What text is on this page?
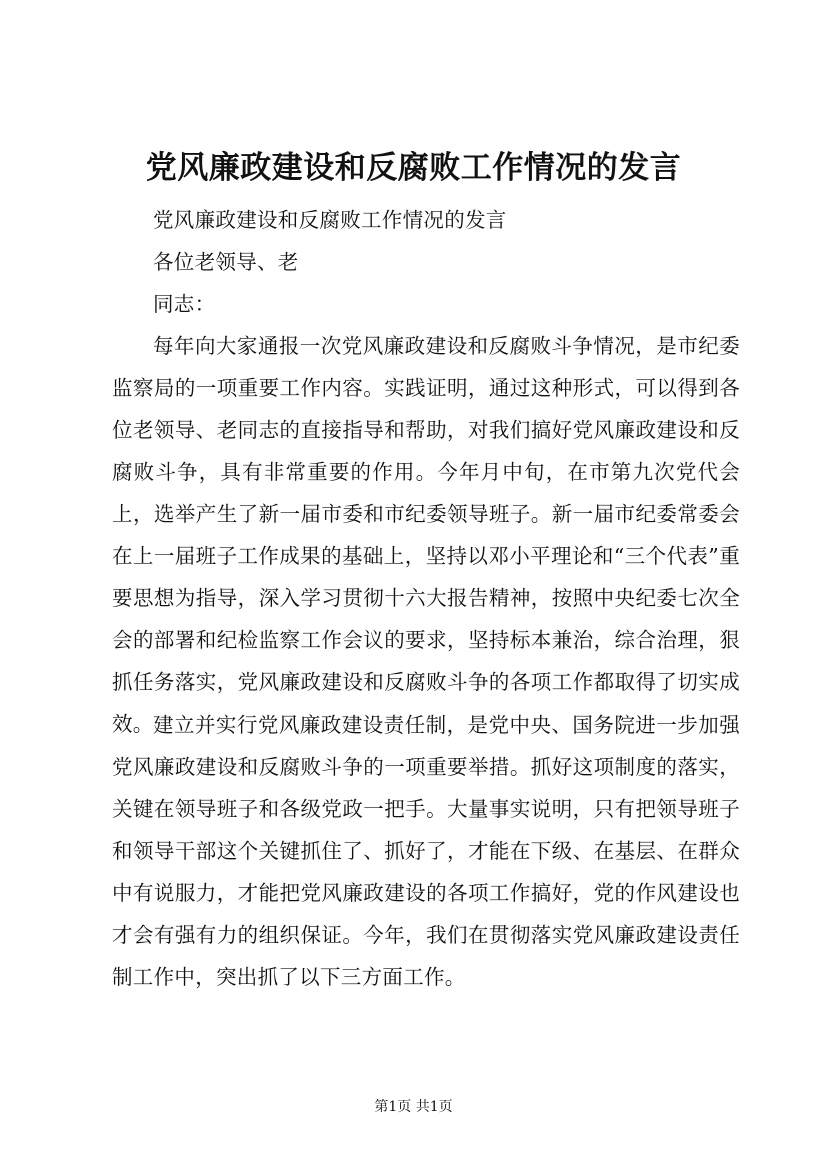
党风廉政建设和反腐败工作情况的发言
党风廉政建设和反腐败工作情况的发言
各位老领导、老
同志：
每年向大家通报一次党风廉政建设和反腐败斗争情况，是市纪委监察局的一项重要工作内容。实践证明，通过这种形式，可以得到各位老领导、老同志的直接指导和帮助，对我们搞好党风廉政建设和反腐败斗争，具有非常重要的作用。今年月中旬，在市第九次党代会上，选举产生了新一届市委和市纪委领导班子。新一届市纪委常委会在上一届班子工作成果的基础上，坚持以邓小平理论和“三个代表”重要思想为指导，深入学习贯彻十六大报告精神，按照中央纪委七次全会的部署和纪检监察工作会议的要求，坚持标本兼治，综合治理，狠抓任务落实，党风廉政建设和反腐败斗争的各项工作都取得了切实成效。 建立并实行党风廉政建设责任制，是党中央、国务院进一步加强党风廉政建设和反腐败斗争的一项重要举措。抓好这项制度的落实，关键在领导班子和各级党政一把手。大量事实说明，只有把领导班子和领导干部这个关键抓住了、抓好了，才能在下级、在基层、在群众中有说服力，才能把党风廉政建设的各项工作搞好，党的作风建设也才会有强有力的组织保证。今年，我们在贯彻落实党风廉政建设责任制工作中，突出抓了以下三方面工作。
第1页 共1页
